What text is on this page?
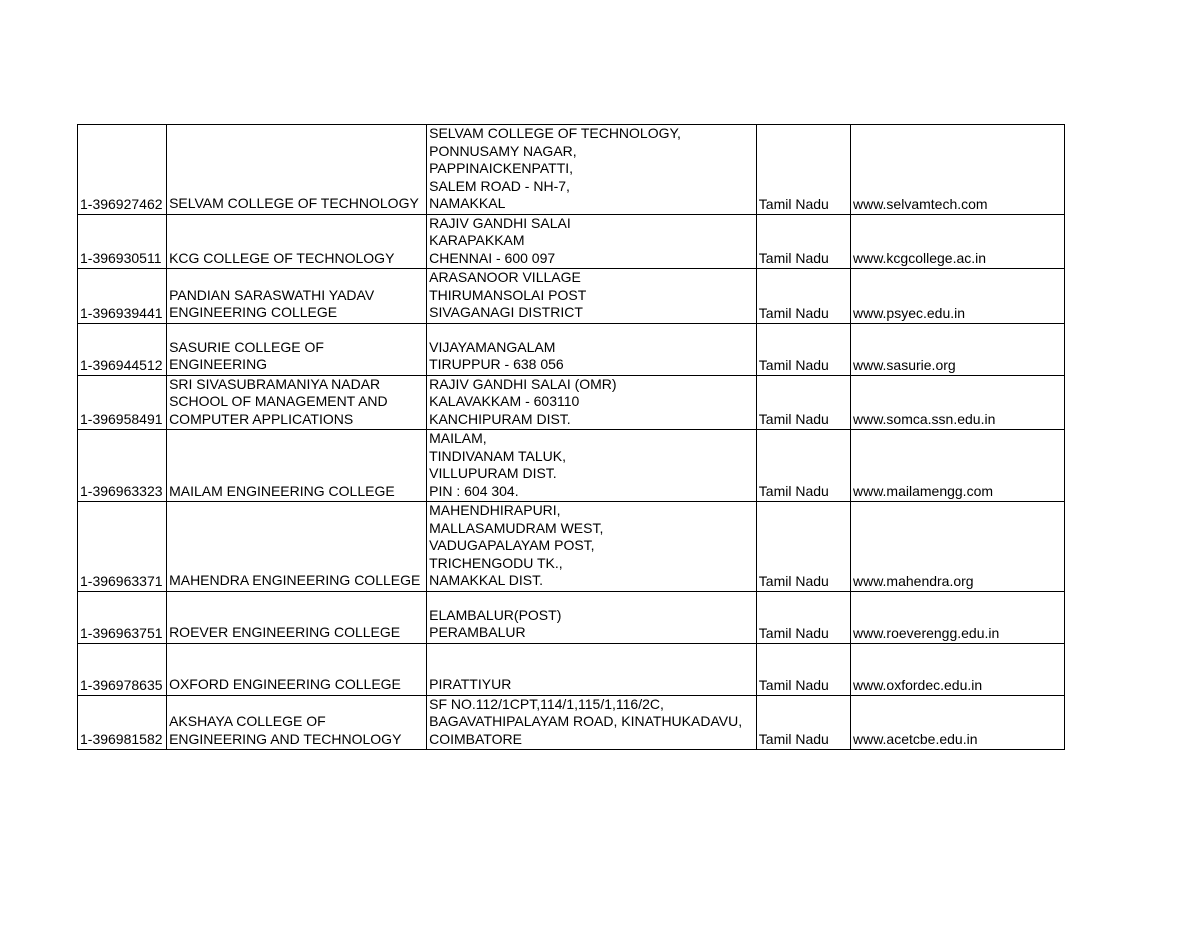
1-396927462	SELVAM COLLEGE OF TECHNOLOGY	SELVAM COLLEGE OF TECHNOLOGY,
PONNUSAMY NAGAR,
PAPPINAICKENPATTI,
SALEM ROAD - NH-7,
NAMAKKAL	Tamil Nadu	www.selvamtech.com
1-396930511	KCG COLLEGE OF TECHNOLOGY	RAJIV GANDHI SALAI
KARAPAKKAM
CHENNAI - 600 097	Tamil Nadu	www.kcgcollege.ac.in
1-396939441	PANDIAN SARASWATHI YADAV
ENGINEERING COLLEGE	ARASANOOR VILLAGE
THIRUMANSOLAI POST
SIVAGANAGI DISTRICT	Tamil Nadu	www.psyec.edu.in
1-396944512	SASURIE COLLEGE OF
ENGINEERING	VIJAYAMANGALAM
TIRUPPUR - 638 056	Tamil Nadu	www.sasurie.org
1-396958491	SRI SIVASUBRAMANIYA NADAR
SCHOOL OF MANAGEMENT AND
COMPUTER APPLICATIONS	RAJIV GANDHI SALAI (OMR)
KALAVAKKAM - 603110
KANCHIPURAM DIST.	Tamil Nadu	www.somca.ssn.edu.in
1-396963323	MAILAM ENGINEERING COLLEGE	MAILAM,
TINDIVANAM TALUK,
VILLUPURAM DIST.
PIN : 604 304.	Tamil Nadu	www.mailamengg.com
1-396963371	MAHENDRA ENGINEERING COLLEGE	MAHENDHIRAPURI,
MALLASAMUDRAM WEST,
VADUGAPALAYAM POST,
TRICHENGODU TK.,
NAMAKKAL DIST.	Tamil Nadu	www.mahendra.org
1-396963751	ROEVER ENGINEERING COLLEGE	ELAMBALUR(POST)
PERAMBALUR	Tamil Nadu	www.roeverengg.edu.in
1-396978635	OXFORD ENGINEERING COLLEGE	PIRATTIYUR	Tamil Nadu	www.oxfordec.edu.in
1-396981582	AKSHAYA COLLEGE OF
ENGINEERING AND TECHNOLOGY	SF NO.112/1CPT,114/1,115/1,116/2C,
BAGAVATHIPALAYAM ROAD, KINATHUKADAVU,
COIMBATORE	Tamil Nadu	www.acetcbe.edu.in
